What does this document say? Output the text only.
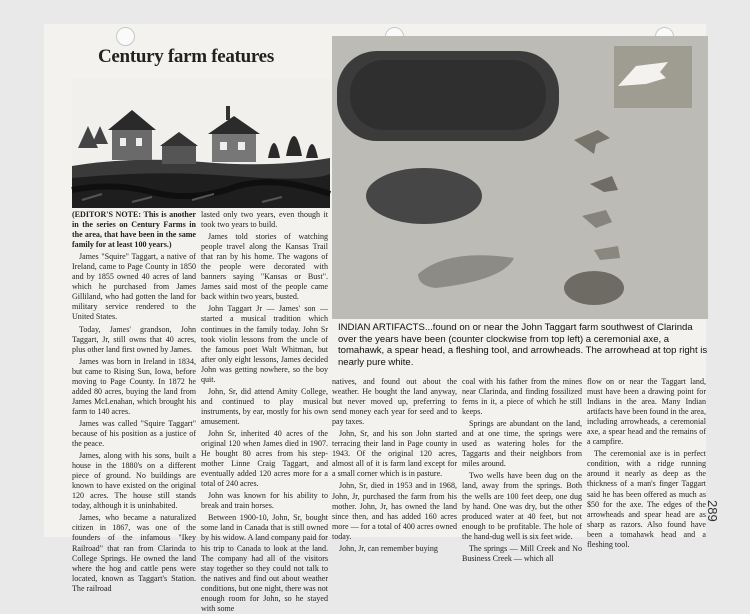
Century farm features

(EDITOR'S NOTE: This is another in the series on Century Farms in the area, that have been in the same family for at least 100 years.)

James "Squire" Taggart, a native of Ireland, came to Page County in 1850 and by 1855 owned 40 acres of land which he purchased from James Gilliland, who had gotten the land for military service rendered to the United States.

Today, James' grandson, John Taggart, Jr, still owns that 40 acres, plus other land first owned by James.

James was born in Ireland in 1834, but came to Rising Sun, Iowa, before moving to Page County. In 1872 he added 80 acres, buying the land from James McLenahan, which brought his farm to 140 acres.

James was called "Squire Taggart" because of his position as a justice of the peace.

James, along with his sons, built a house in the 1880's on a different piece of ground. No buildings are known to have existed on the original 120 acres. The house still stands today, although it is uninhabited.

James, who became a naturalized citizen in 1867, was one of the founders of the infamous "Ikey Railroad" that ran from Clarinda to College Springs. He owned the land where the hog and cattle pens were located, known as Taggart's Station. The railroad

lasted only two years, even though it took two years to build.

James told stories of watching people travel along the Kansas Trail that ran by his home. The wagons of the people were decorated with banners saying "Kansas or Bust". James said most of the people came back within two years, busted.

John Taggart Jr — James' son — started a musical tradition which continues in the family today. John Sr took violin lessons from the uncle of the famous poet Walt Whitman, but after only eight lessons, James decided John was getting nowhere, so the boy quit.

John, Sr, did attend Amity College, and continued to play musical instruments, by ear, mostly for his own amusement.

John Sr, inherited 40 acres of the original 120 when James died in 1907. He bought 80 acres from his step-mother Linne Craig Taggart, and eventually added 120 acres more for a total of 240 acres.

John was known for his ability to break and train horses.

Between 1900-10, John, Sr, bought some land in Canada that is still owned by his widow. A land company paid for his trip to Canada to look at the land. The company had all of the visitors stay together so they could not talk to the natives and find out about weather conditions, but one night, there was not enough room for John, so he stayed with some

INDIAN ARTIFACTS...found on or near the John Taggart farm southwest of Clarinda over the years have been (counter clockwise from top left) a ceremonial axe, a tomahawk, a spear head, a fleshing tool, and arrowheads. The arrowhead at top right is nearly pure white.

natives, and found out about the weather. He bought the land anyway, but never moved up, preferring to send money each year for seed and to pay taxes.

John, Sr, and his son John started terracing their land in Page county in 1943. Of the original 120 acres, almost all of it is farm land except for a small corner which is in pasture.

John, Sr, died in 1953 and in 1968, John, Jr, purchased the farm from his mother. John, Jr, has owned the land since then, and has added 160 acres more — for a total of 400 acres owned today.

John, Jr, can remember buying

coal with his father from the mines near Clarinda, and finding fossilized ferns in it, a piece of which he still keeps.

Springs are abundant on the land, and at one time, the springs were used as watering holes for the Taggarts and their neighbors from miles around.

Two wells have been dug on the land, away from the springs. Both the wells are 100 feet deep, one dug by hand. One was dry, but the other produced water at 40 feet, but not enough to be profitable. The hole of the hand-dug well is six feet wide.

The springs — Mill Creek and No Business Creek — which all

flow on or near the Taggart land, must have been a drawing point for Indians in the area. Many Indian artifacts have been found in the area, including arrowheads, a ceremonial axe, a spear head and the remains of a campfire.

The ceremonial axe is in perfect condition, with a ridge running around it nearly as deep as the thickness of a man's finger Taggart said he has been offered as much as $50 for the axe. The edges of the arrowheads and spear head are as sharp as razors. Also found have been a tomahawk head and a fleshing tool.

289
